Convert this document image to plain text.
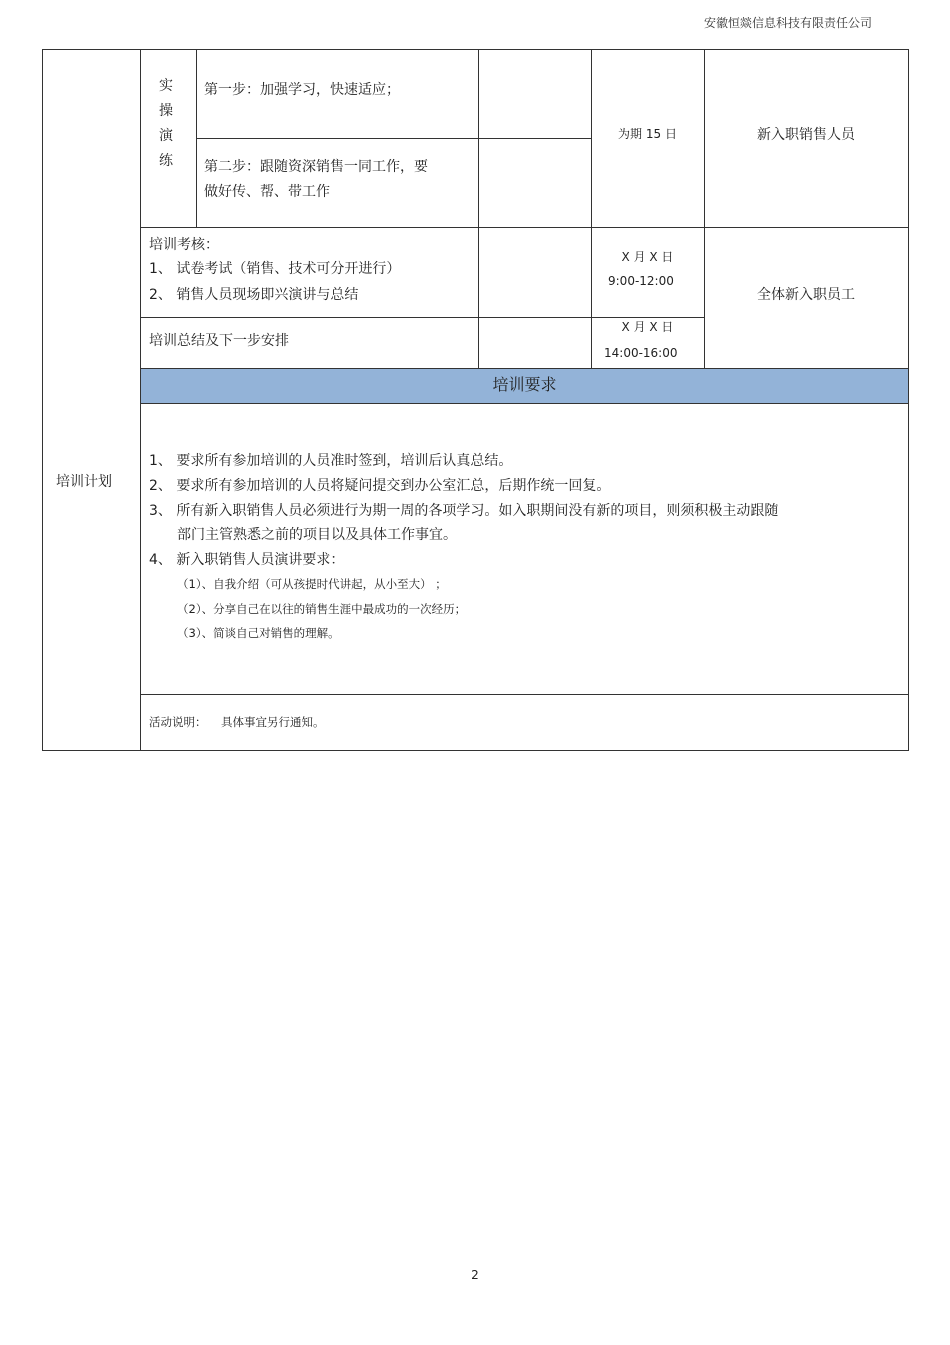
安徽恒燚信息科技有限责任公司
培训计划
实
操
演
练
第一步：加强学习，快速适应；
第二步：跟随资深销售一同工作，要
做好传、帮、带工作
为期 15 日	新入职销售人员
培训考核：
1、 试卷考试（销售、技术可分开进行）
2、 销售人员现场即兴演讲与总结
X 月 X 日
9:00-12:00
全体新入职员工
培训总结及下一步安排
X 月 X 日
14:00-16:00
培训要求
1、 要求所有参加培训的人员准时签到，培训后认真总结。
2、 要求所有参加培训的人员将疑问提交到办公室汇总，后期作统一回复。
3、 所有新入职销售人员必须进行为期一周的各项学习。如入职期间没有新的项目，则须积极主动跟随
部门主管熟悉之前的项目以及具体工作事宜。
4、 新入职销售人员演讲要求：
（1）、自我介绍（可从孩提时代讲起，从小至大） ；
（2）、分享自己在以往的销售生涯中最成功的一次经历；
（3）、简谈自己对销售的理解。
活动说明： 具体事宜另行通知。
2
